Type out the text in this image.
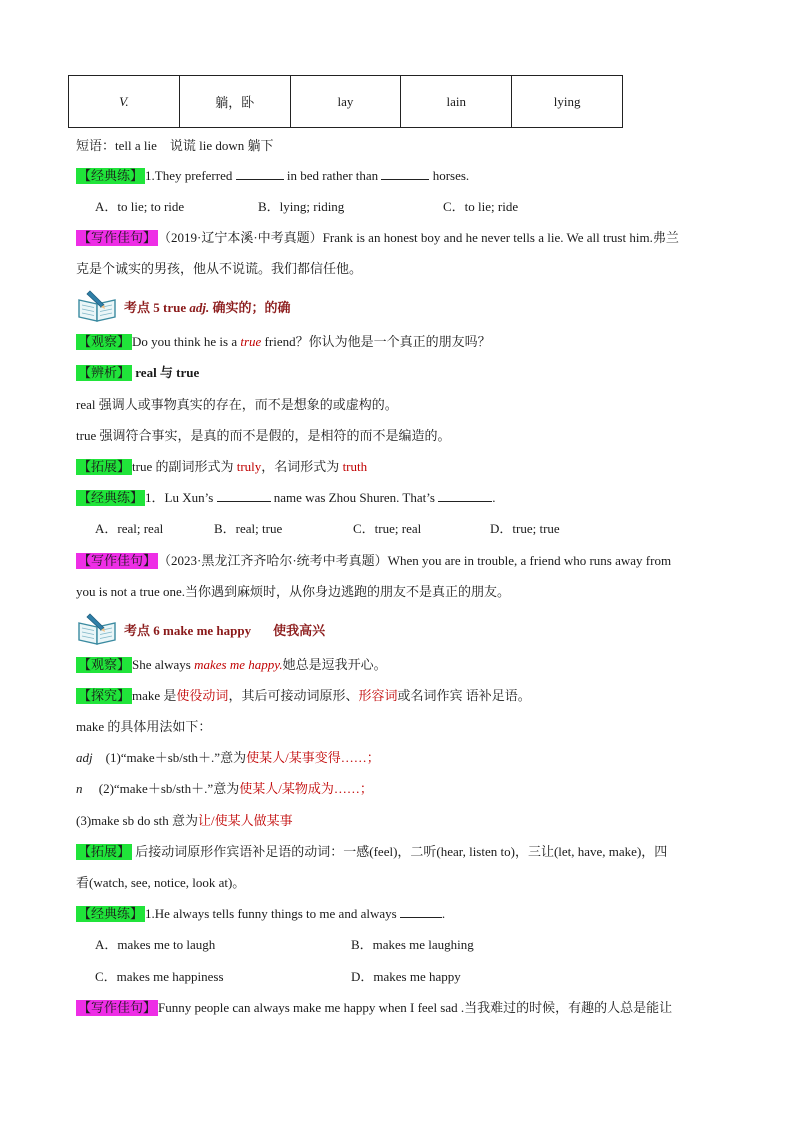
V.	躺，卧	lay	lain	lying
短语：tell a lie　说谎 lie down 躺下
【经典练】 1.They preferred	in bed rather than	horses.
A．to lie; to ride	B．lying; riding	C．to lie; ride
【写作佳句】 （2019·辽宁本溪·中考真题）Frank is an honest boy and he never tells a lie. We all trust him.弗兰
克是个诚实的男孩，他从不说谎。我们都信任他。
考点 5 true adj. 确实的；的确
【观察】 Do you think he is a true friend？你认为他是一个真正的朋友吗？
【辨析】 real 与 true
real 强调人或事物真实的存在，而不是想象的或虚构的。
true 强调符合事实，是真的而不是假的，是相符的而不是编造的。
【拓展】 true 的副词形式为 truly，名词形式为 truth
【经典练】 1．Lu Xun’s	name was Zhou Shuren. That’s	.
A．real; real	B．real; true	C．true; real	D．true; true
【写作佳句】 （2023·黑龙江齐齐哈尔·统考中考真题）When you are in trouble, a friend who runs away from
you is not a true one.当你遇到麻烦时，从你身边逃跑的朋友不是真正的朋友。
考点 6 make me happy 使我高兴
【观察】 She always makes me happy.她总是逗我开心。
【探究】 make 是使役动词，其后可接动词原形、形容词或名词作宾 语补足语。
make 的具体用法如下：
adj (1)“make＋sb/sth＋.”意为使某人/某事变得……；
n (2)“make＋sb/sth＋.”意为使某人/某物成为……；
(3)make sb do sth 意为让/使某人做某事
【拓展】 后接动词原形作宾语补足语的动词：一感(feel)，二听(hear, listen to)，三让(let, have, make)，四
看(watch, see, notice, look at)。
【经典练】 1.He always tells funny things to me and always	.
A．makes me to laugh	B．makes me laughing
C．makes me happiness	D．makes me happy
【写作佳句】 Funny people can always make me happy when I feel sad .当我难过的时候，有趣的人总是能让
